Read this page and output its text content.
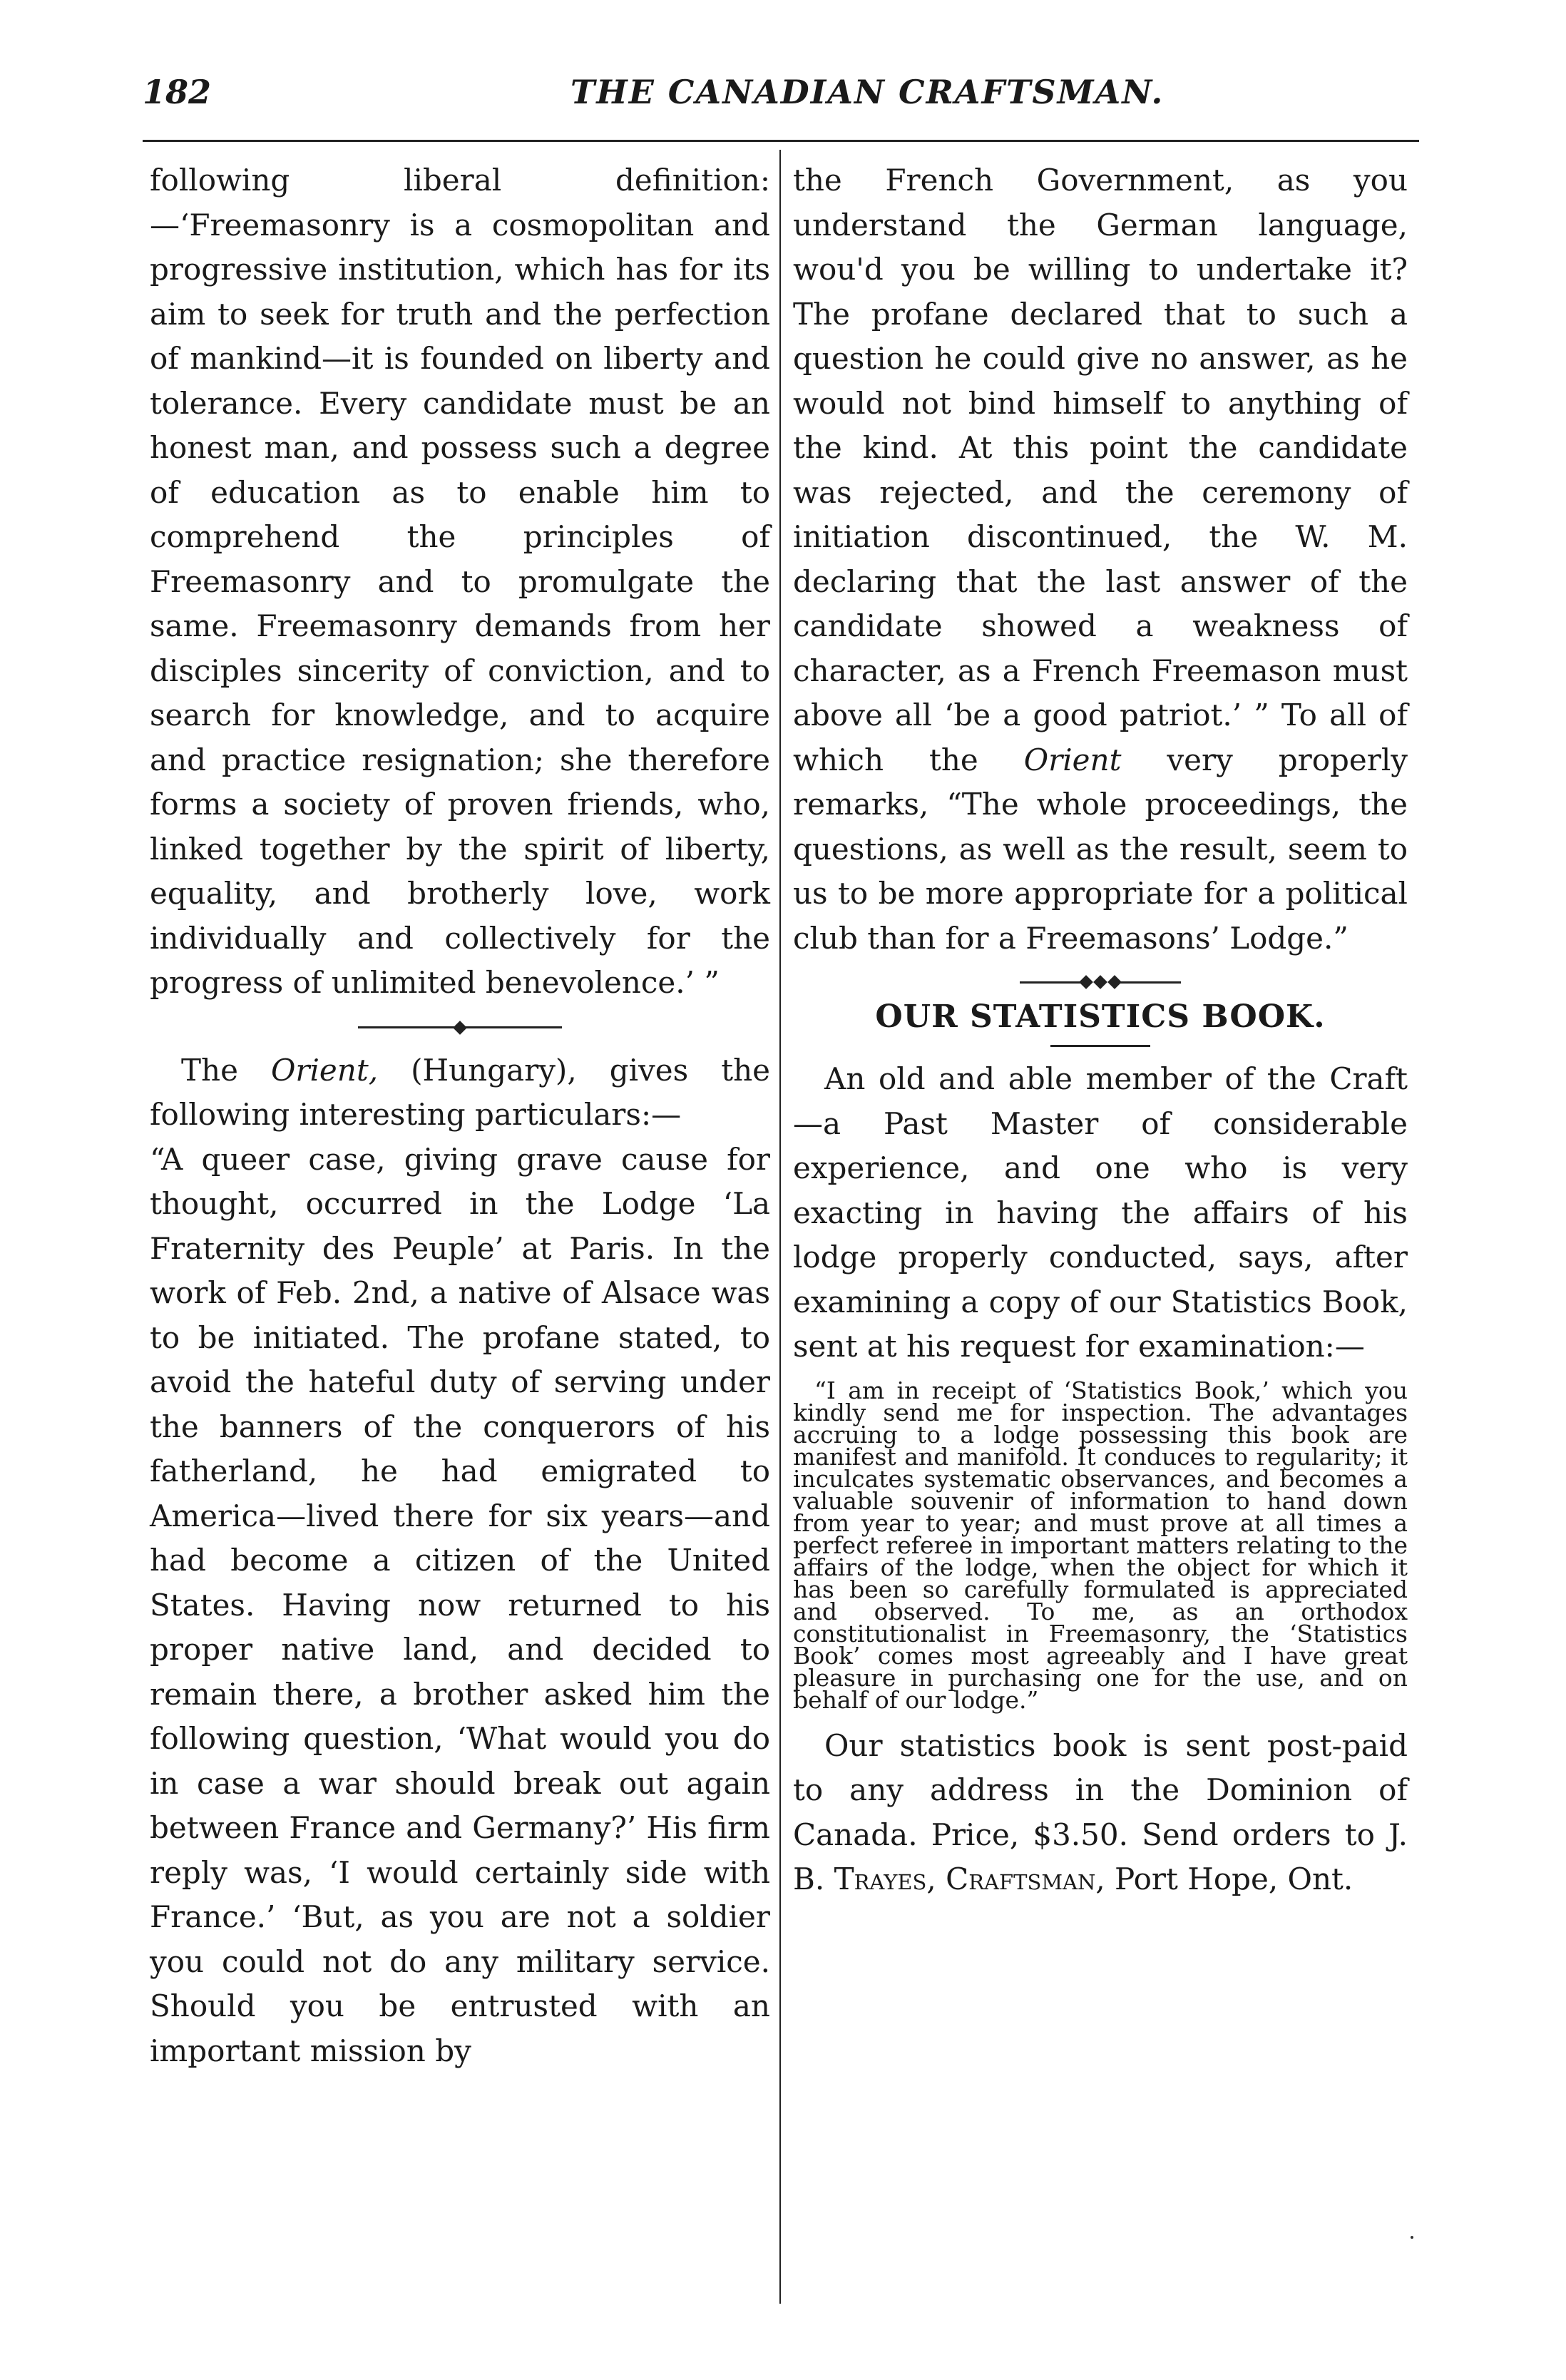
182	THE CANADIAN CRAFTSMAN.

following liberal definition:—‘Freemasonry is a cosmopolitan and progressive institution, which has for its aim to seek for truth and the perfection of mankind—it is founded on liberty and tolerance. Every candidate must be an honest man, and possess such a degree of education as to enable him to comprehend the principles of Freemasonry and to promulgate the same. Freemasonry demands from her disciples sincerity of conviction, and to search for knowledge, and to acquire and practice resignation; she therefore forms a society of proven friends, who, linked together by the spirit of liberty, equality, and brotherly love, work individually and collectively for the progress of unlimited benevolence.’ ”

The Orient, (Hungary), gives the following interesting particulars:—

“A queer case, giving grave cause for thought, occurred in the Lodge ‘La Fraternity des Peuple’ at Paris. In the work of Feb. 2nd, a native of Alsace was to be initiated. The profane stated, to avoid the hateful duty of serving under the banners of the conquerors of his fatherland, he had emigrated to America—lived there for six years—and had become a citizen of the United States. Having now returned to his proper native land, and decided to remain there, a brother asked him the following question, ‘What would you do in case a war should break out again between France and Germany?’ His firm reply was, ‘I would certainly side with France.’ ‘But, as you are not a soldier you could not do any military service. Should you be entrusted with an important mission by

the French Government, as you understand the German language, wou'd you be willing to undertake it? The profane declared that to such a question he could give no answer, as he would not bind himself to anything of the kind. At this point the candidate was rejected, and the ceremony of initiation discontinued, the W. M. declaring that the last answer of the candidate showed a weakness of character, as a French Freemason must above all ‘be a good patriot.’ ” To all of which the Orient very properly remarks, “The whole proceedings, the questions, as well as the result, seem to us to be more appropriate for a political club than for a Freemasons’ Lodge.”

OUR STATISTICS BOOK.

An old and able member of the Craft—a Past Master of considerable experience, and one who is very exacting in having the affairs of his lodge properly conducted, says, after examining a copy of our Statistics Book, sent at his request for examination:—

“I am in receipt of ‘Statistics Book,’ which you kindly send me for inspection. The advantages accruing to a lodge possessing this book are manifest and manifold. It conduces to regularity; it inculcates systematic observances, and becomes a valuable souvenir of information to hand down from year to year; and must prove at all times a perfect referee in important matters relating to the affairs of the lodge, when the object for which it has been so carefully formulated is appreciated and observed. To me, as an orthodox constitutionalist in Freemasonry, the ‘Statistics Book’ comes most agreeably and I have great pleasure in purchasing one for the use, and on behalf of our lodge.”

Our statistics book is sent post-paid to any address in the Dominion of Canada. Price, $3.50. Send orders to J. B. Trayes, Craftsman, Port Hope, Ont.
